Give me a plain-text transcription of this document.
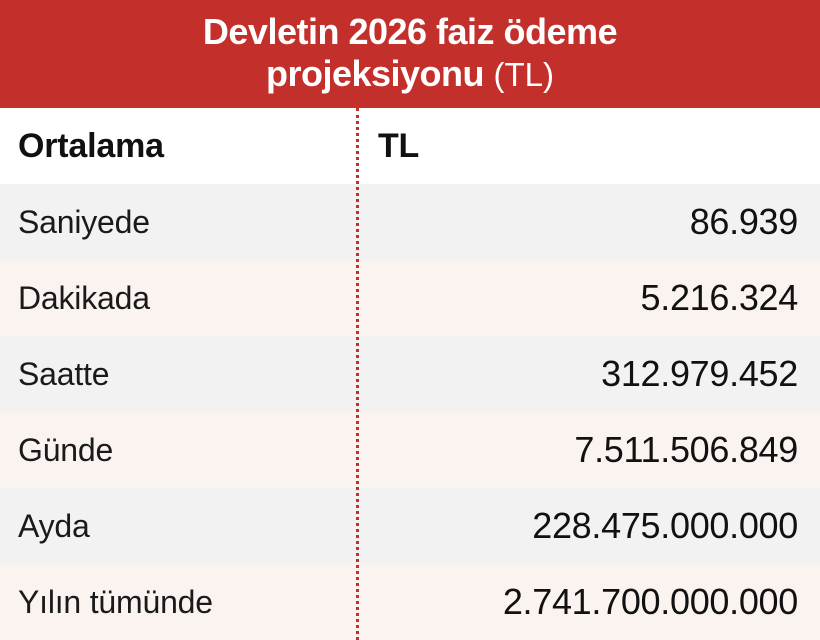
Devletin 2026 faiz ödeme
projeksiyonu (TL)
Ortalama	TL
Saniyede	86.939
Dakikada	5.216.324
Saatte	312.979.452
Günde	7.511.506.849
Ayda	228.475.000.000
Yılın tümünde	2.741.700.000.000
